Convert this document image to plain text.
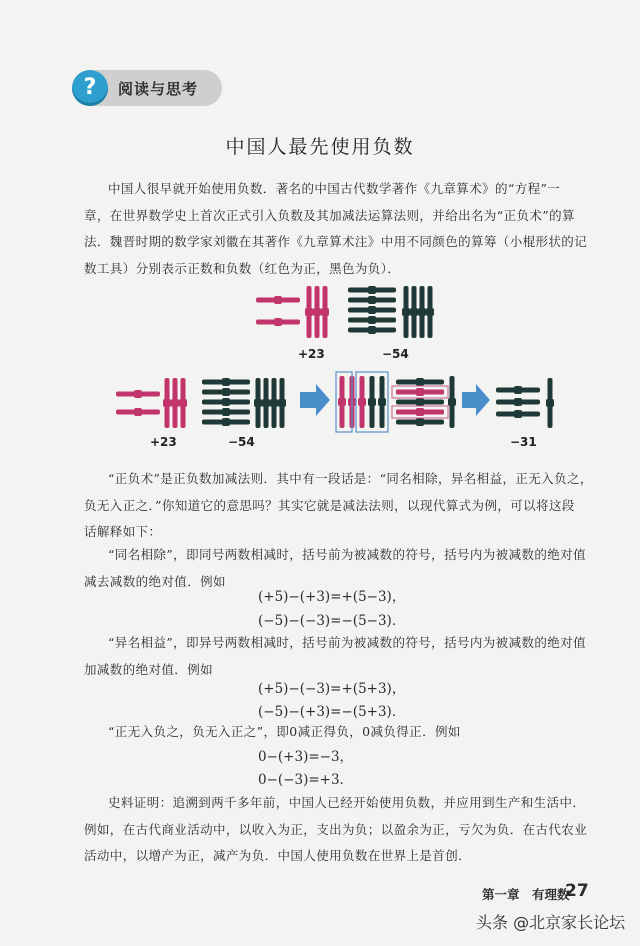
?	阅读与思考
中国人最先使用负数
中国人很早就开始使用负数．著名的中国古代数学著作《九章算术》的“方程”一
章，在世界数学史上首次正式引入负数及其加减法运算法则，并给出名为“正负术”的算
法．魏晋时期的数学家刘徽在其著作《九章算术注》中用不同颜色的算筹（小棍形状的记
数工具）分别表示正数和负数（红色为正，黑色为负）．
+23	−54
+23	−54	−31
“正负术”是正负数加减法则．其中有一段话是：“同名相除，异名相益，正无入负之，
负无入正之．”你知道它的意思吗？其实它就是减法法则，以现代算式为例，可以将这段
话解释如下：
“同名相除”，即同号两数相减时，括号前为被减数的符号，括号内为被减数的绝对值
减去减数的绝对值．例如
(+5)−(+3)=+(5−3)，
(−5)−(−3)=−(5−3)．
“异名相益”，即异号两数相减时，括号前为被减数的符号，括号内为被减数的绝对值
加减数的绝对值．例如
(+5)−(−3)=+(5+3)，
(−5)−(+3)=−(5+3)．
“正无入负之，负无入正之”，即0减正得负，0减负得正．例如
0−(+3)=−3，
0−(−3)=+3．
史料证明：追溯到两千多年前，中国人已经开始使用负数，并应用到生产和生活中．
例如，在古代商业活动中，以收入为正，支出为负；以盈余为正，亏欠为负．在古代农业
活动中，以增产为正，减产为负．中国人使用负数在世界上是首创．
第一章　有理数
27
头条 @北京家长论坛
